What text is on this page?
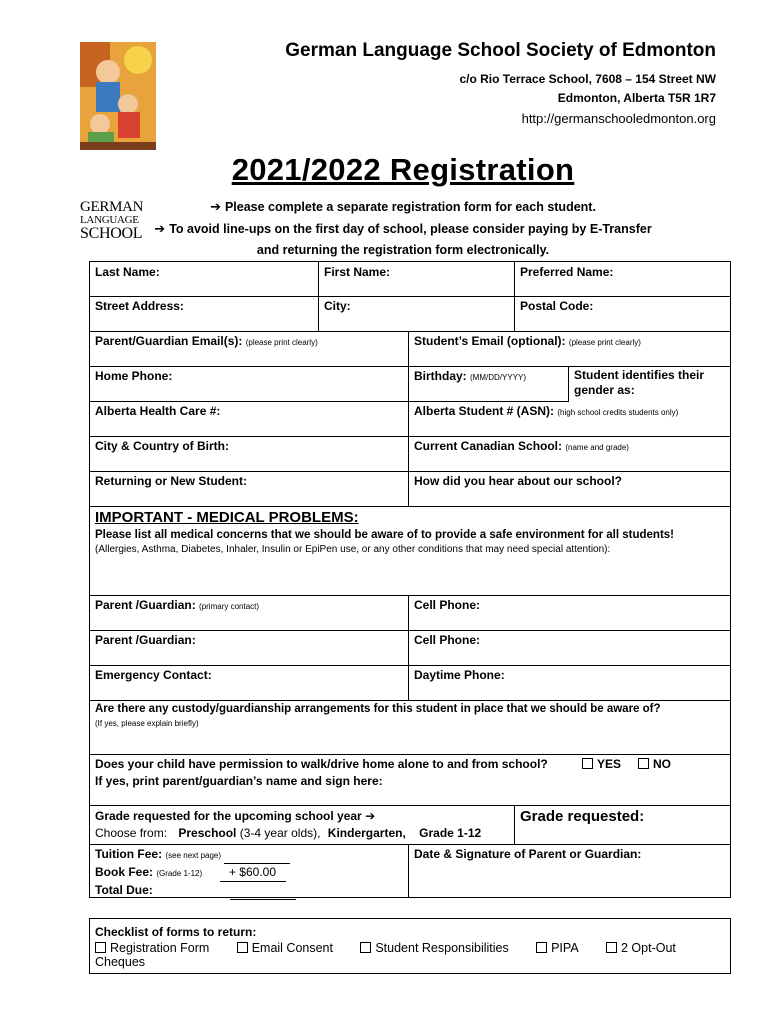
GERMAN
LANGUAGE
SCHOOL
German Language School Society of Edmonton
c/o Rio Terrace School, 7608 – 154 Street NW
Edmonton, Alberta T5R 1R7
http://germanschooledmonton.org
2021/2022 Registration
➔ Please complete a separate registration form for each student.
➔ To avoid line-ups on the first day of school, please consider paying by E-Transfer
and returning the registration form electronically.
Last Name:	First Name:	Preferred Name:
Street Address:	City:	Postal Code:
Parent/Guardian Email(s): (please print clearly)	Student’s Email (optional): (please print clearly)
Home Phone:	Birthday: (MM/DD/YYYY)	Student identifies their gender as:
Alberta Health Care #:	Alberta Student # (ASN): (high school credits students only)
City & Country of Birth:	Current Canadian School: (name and grade)
Returning or New Student:	How did you hear about our school?
IMPORTANT - MEDICAL PROBLEMS:
Please list all medical concerns that we should be aware of to provide a safe environment for all students!
(Allergies, Asthma, Diabetes, Inhaler, Insulin or EpiPen use, or any other conditions that may need special attention):
Parent /Guardian: (primary contact)	Cell Phone:
Parent /Guardian:	Cell Phone:
Emergency Contact:	Daytime Phone:
Are there any custody/guardianship arrangements for this student in place that we should be aware of?
(If yes, please explain briefly)
Does your child have permission to walk/drive home alone to and from school?	YES	NO
If yes, print parent/guardian’s name and sign here:
Grade requested for the upcoming school year ➔
Choose from: Preschool (3-4 year olds), Kindergarten, Grade 1-12
Grade requested:
Tuition Fee: (see next page)
Book Fee: (Grade 1-12) + $60.00
Total Due:
Date & Signature of Parent or Guardian:
Checklist of forms to return:
Registration Form	Email Consent	Student Responsibilities	PIPA	2 Opt-Out Cheques
